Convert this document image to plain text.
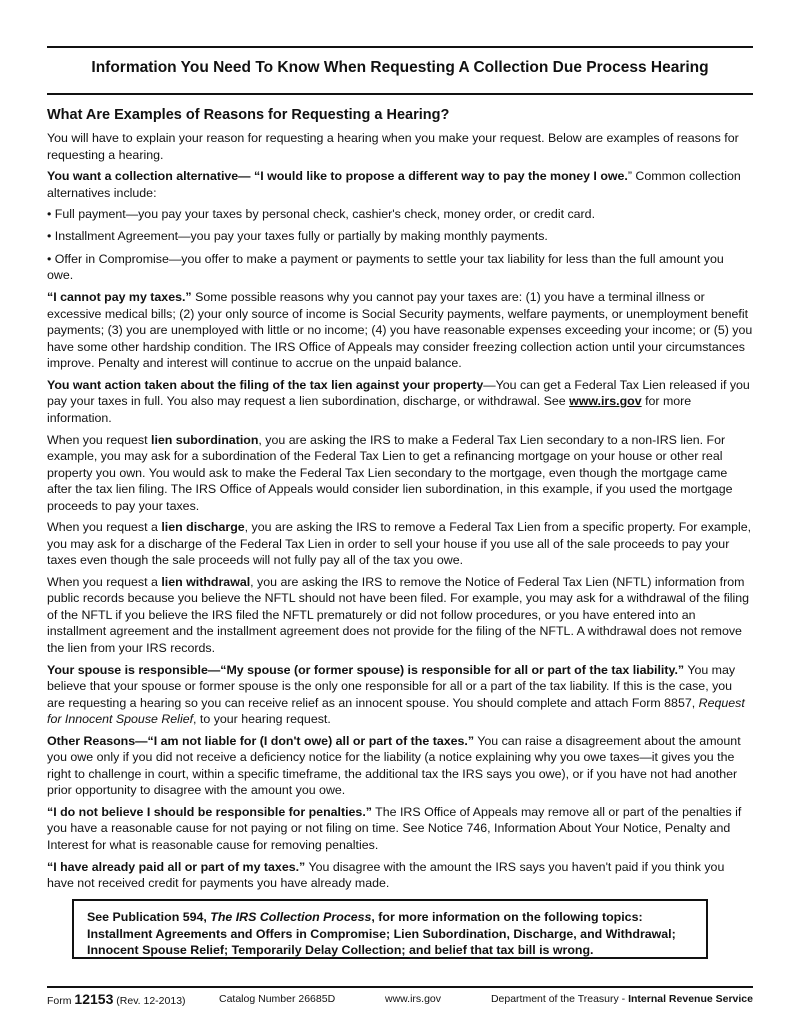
Information You Need To Know When Requesting A Collection Due Process Hearing
What Are Examples of Reasons for Requesting a Hearing?

You will have to explain your reason for requesting a hearing when you make your request. Below are examples of reasons for requesting a hearing.

You want a collection alternative— “I would like to propose a different way to pay the money I owe.” Common collection alternatives include:

• Full payment—you pay your taxes by personal check, cashier's check, money order, or credit card.

• Installment Agreement—you pay your taxes fully or partially by making monthly payments.

• Offer in Compromise—you offer to make a payment or payments to settle your tax liability for less than the full amount you owe.

“I cannot pay my taxes.” Some possible reasons why you cannot pay your taxes are: (1) you have a terminal illness or excessive medical bills; (2) your only source of income is Social Security payments, welfare payments, or unemployment benefit payments; (3) you are unemployed with little or no income; (4) you have reasonable expenses exceeding your income; or (5) you have some other hardship condition. The IRS Office of Appeals may consider freezing collection action until your circumstances improve. Penalty and interest will continue to accrue on the unpaid balance.

You want action taken about the filing of the tax lien against your property—You can get a Federal Tax Lien released if you pay your taxes in full. You also may request a lien subordination, discharge, or withdrawal. See www.irs.gov for more information.

When you request lien subordination, you are asking the IRS to make a Federal Tax Lien secondary to a non-IRS lien. For example, you may ask for a subordination of the Federal Tax Lien to get a refinancing mortgage on your house or other real property you own. You would ask to make the Federal Tax Lien secondary to the mortgage, even though the mortgage came after the tax lien filing. The IRS Office of Appeals would consider lien subordination, in this example, if you used the mortgage proceeds to pay your taxes.

When you request a lien discharge, you are asking the IRS to remove a Federal Tax Lien from a specific property. For example, you may ask for a discharge of the Federal Tax Lien in order to sell your house if you use all of the sale proceeds to pay your taxes even though the sale proceeds will not fully pay all of the tax you owe.

When you request a lien withdrawal, you are asking the IRS to remove the Notice of Federal Tax Lien (NFTL) information from public records because you believe the NFTL should not have been filed. For example, you may ask for a withdrawal of the filing of the NFTL if you believe the IRS filed the NFTL prematurely or did not follow procedures, or you have entered into an installment agreement and the installment agreement does not provide for the filing of the NFTL. A withdrawal does not remove the lien from your IRS records.

Your spouse is responsible—“My spouse (or former spouse) is responsible for all or part of the tax liability.” You may believe that your spouse or former spouse is the only one responsible for all or a part of the tax liability. If this is the case, you are requesting a hearing so you can receive relief as an innocent spouse. You should complete and attach Form 8857, Request for Innocent Spouse Relief, to your hearing request.

Other Reasons—“I am not liable for (I don't owe) all or part of the taxes.” You can raise a disagreement about the amount you owe only if you did not receive a deficiency notice for the liability (a notice explaining why you owe taxes—it gives you the right to challenge in court, within a specific timeframe, the additional tax the IRS says you owe), or if you have not had another prior opportunity to disagree with the amount you owe.

“I do not believe I should be responsible for penalties.” The IRS Office of Appeals may remove all or part of the penalties if you have a reasonable cause for not paying or not filing on time. See Notice 746, Information About Your Notice, Penalty and Interest for what is reasonable cause for removing penalties.

“I have already paid all or part of my taxes.” You disagree with the amount the IRS says you haven't paid if you think you have not received credit for payments you have already made.

See Publication 594, The IRS Collection Process, for more information on the following topics: Installment Agreements and Offers in Compromise; Lien Subordination, Discharge, and Withdrawal; Innocent Spouse Relief; Temporarily Delay Collection; and belief that tax bill is wrong.
Form 12153 (Rev. 12-2013)	Catalog Number 26685D	www.irs.gov	Department of the Treasury - Internal Revenue Service
